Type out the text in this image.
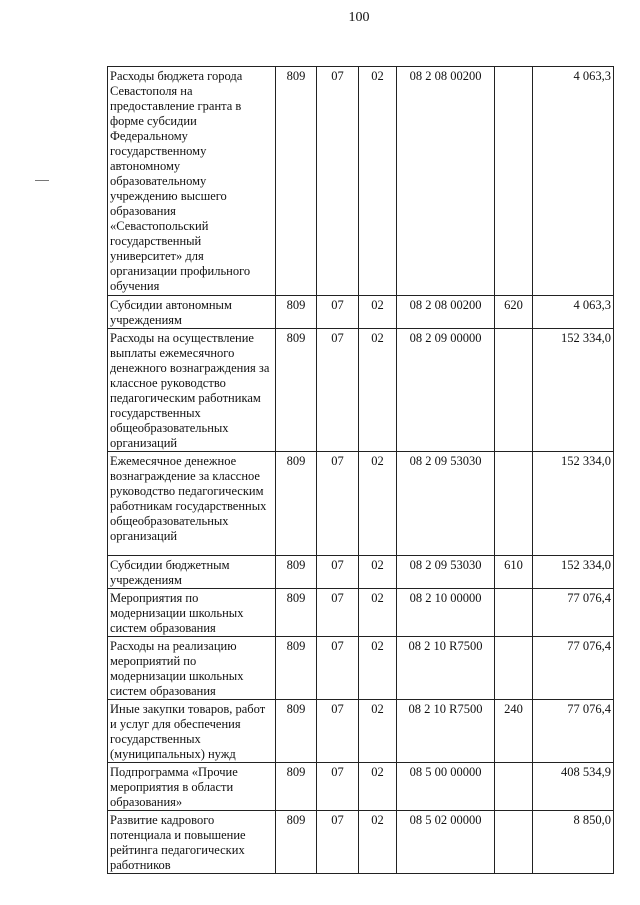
100
Расходы бюджета города Севастополя на предоставление гранта в форме субсидии Федеральному государственному автономному образовательному учреждению высшего образования «Севастопольский государственный университет» для организации профильного обучения	809	07	02	08 2 08 00200		4 063,3
Субсидии автономным учреждениям	809	07	02	08 2 08 00200	620	4 063,3
Расходы на осуществление выплаты ежемесячного денежного вознаграждения за классное руководство педагогическим работникам государственных общеобразовательных организаций	809	07	02	08 2 09 00000		152 334,0
Ежемесячное денежное вознаграждение за классное руководство педагогическим работникам государственных общеобразовательных организаций	809	07	02	08 2 09 53030		152 334,0
Субсидии бюджетным учреждениям	809	07	02	08 2 09 53030	610	152 334,0
Мероприятия по модернизации школьных систем образования	809	07	02	08 2 10 00000		77 076,4
Расходы на реализацию мероприятий по модернизации школьных систем образования	809	07	02	08 2 10 R7500		77 076,4
Иные закупки товаров, работ и услуг для обеспечения государственных (муниципальных) нужд	809	07	02	08 2 10 R7500	240	77 076,4
Подпрограмма «Прочие мероприятия в области образования»	809	07	02	08 5 00 00000		408 534,9
Развитие кадрового потенциала и повышение рейтинга педагогических работников	809	07	02	08 5 02 00000		8 850,0
